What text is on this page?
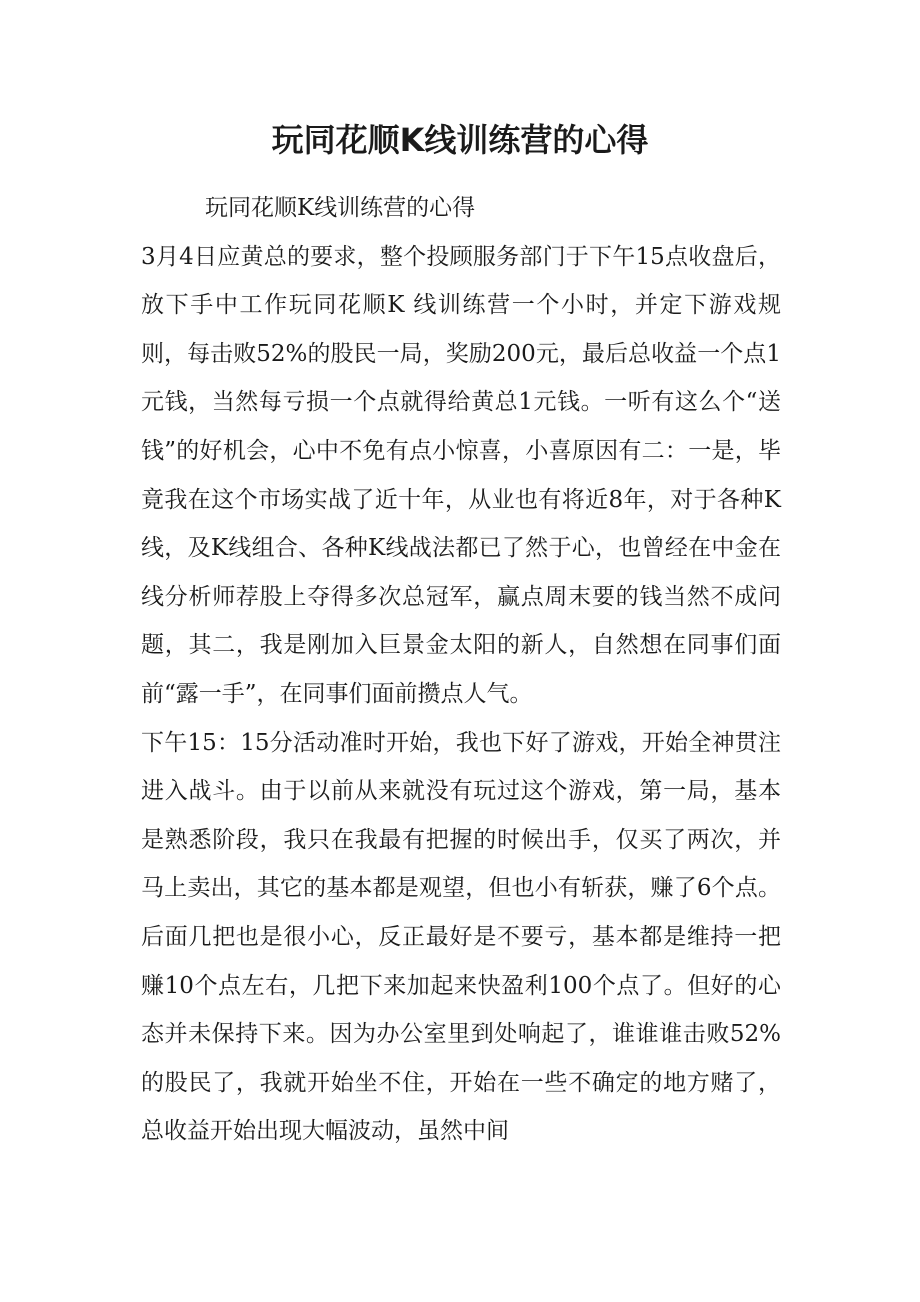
玩同花顺K线训练营的心得

玩同花顺K线训练营的心得

3月4日应黄总的要求，整个投顾服务部门于下午15点收盘后，放下手中工作玩同花顺K 线训练营一个小时，并定下游戏规则，每击败52%的股民一局，奖励200元，最后总收益一个点1元钱，当然每亏损一个点就得给黄总1元钱。一听有这么个“送钱”的好机会，心中不免有点小惊喜，小喜原因有二：一是，毕竟我在这个市场实战了近十年，从业也有将近8年，对于各种K线，及K线组合、各种K线战法都已了然于心，也曾经在中金在线分析师荐股上夺得多次总冠军，赢点周末要的钱当然不成问题，其二，我是刚加入巨景金太阳的新人，自然想在同事们面前“露一手”，在同事们面前攒点人气。

下午15：15分活动准时开始，我也下好了游戏，开始全神贯注进入战斗。由于以前从来就没有玩过这个游戏，第一局，基本是熟悉阶段，我只在我最有把握的时候出手，仅买了两次，并马上卖出，其它的基本都是观望，但也小有斩获，赚了6个点。后面几把也是很小心，反正最好是不要亏，基本都是维持一把赚10个点左右，几把下来加起来快盈利100个点了。但好的心态并未保持下来。因为办公室里到处响起了，谁谁谁击败52%的股民了，我就开始坐不住，开始在一些不确定的地方赌了，总收益开始出现大幅波动，虽然中间
